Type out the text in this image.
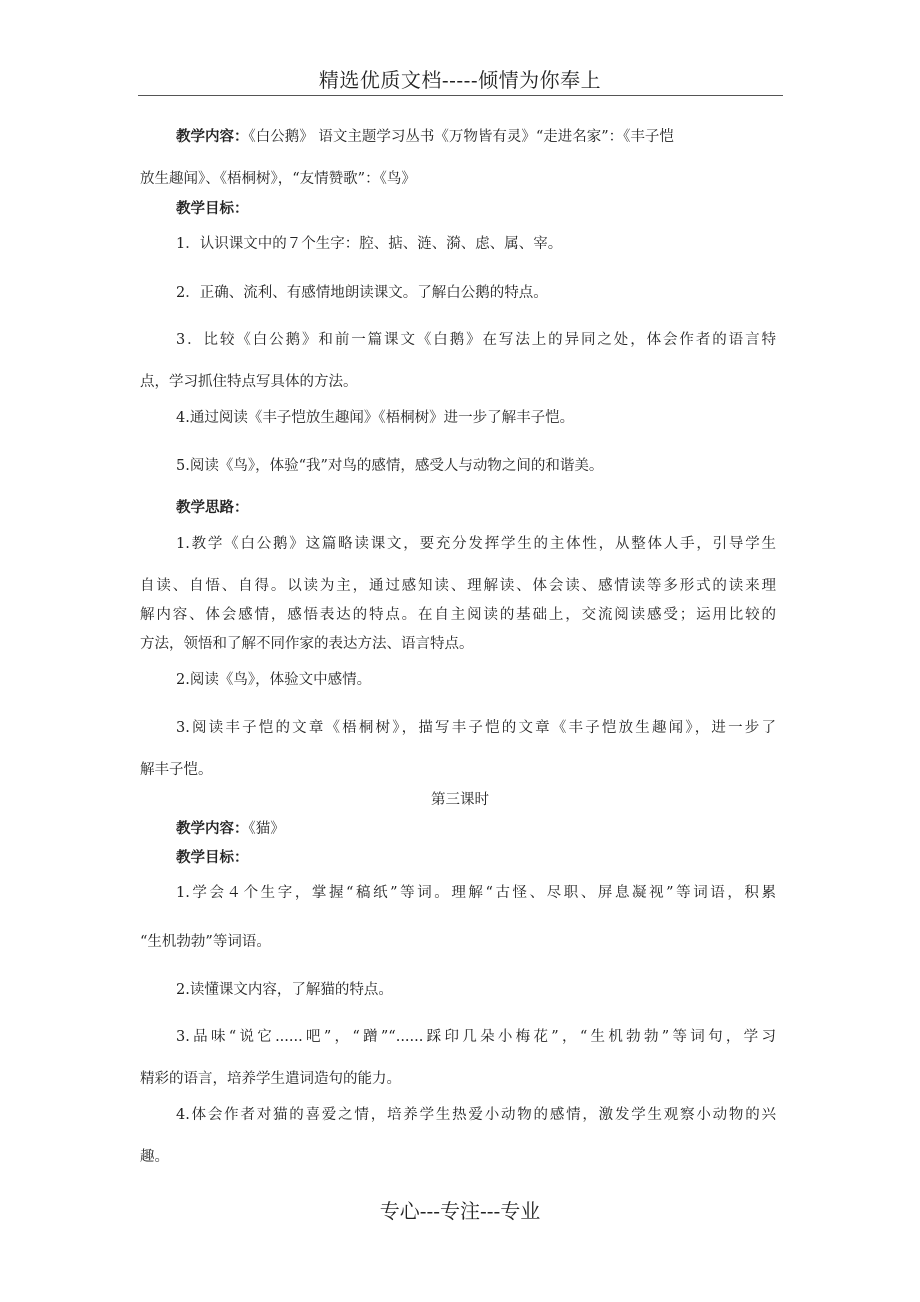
精选优质文档-----倾情为你奉上
教学内容：《白公鹅》 语文主题学习丛书《万物皆有灵》“走进名家”：《丰子恺
放生趣闻》、《梧桐树》，“友情赞歌”：《鸟》
教学目标：
1．认识课文中的７个生字：腔、掂、涟、漪、虑、属、宰。
2．正确、流利、有感情地朗读课文。了解白公鹅的特点。
3．比较《白公鹅》和前一篇课文《白鹅》在写法上的异同之处，体会作者的语言特
点，学习抓住特点写具体的方法。
4.通过阅读《丰子恺放生趣闻》《梧桐树》进一步了解丰子恺。
5.阅读《鸟》，体验“我”对鸟的感情，感受人与动物之间的和谐美。
教学思路：
1.教学《白公鹅》这篇略读课文，要充分发挥学生的主体性，从整体人手，引导学生
自读、自悟、自得。以读为主，通过感知读、理解读、体会读、感情读等多形式的读来理
解内容、体会感情，感悟表达的特点。在自主阅读的基础上，交流阅读感受；运用比较的
方法，领悟和了解不同作家的表达方法、语言特点。
2.阅读《鸟》，体验文中感情。
3.阅读丰子恺的文章《梧桐树》，描写丰子恺的文章《丰子恺放生趣闻》，进一步了
解丰子恺。
第三课时
教学内容：《猫》
教学目标：
1.学会４个生字，掌握“稿纸”等词。理解“古怪、尽职、屏息凝视”等词语，积累
“生机勃勃”等词语。
2.读懂课文内容，了解猫的特点。
3.品味“说它......吧”，“蹭”“......踩印几朵小梅花”，“生机勃勃”等词句，学习
精彩的语言，培养学生遣词造句的能力。
4.体会作者对猫的喜爱之情，培养学生热爱小动物的感情，激发学生观察小动物的兴
趣。
专心---专注---专业
